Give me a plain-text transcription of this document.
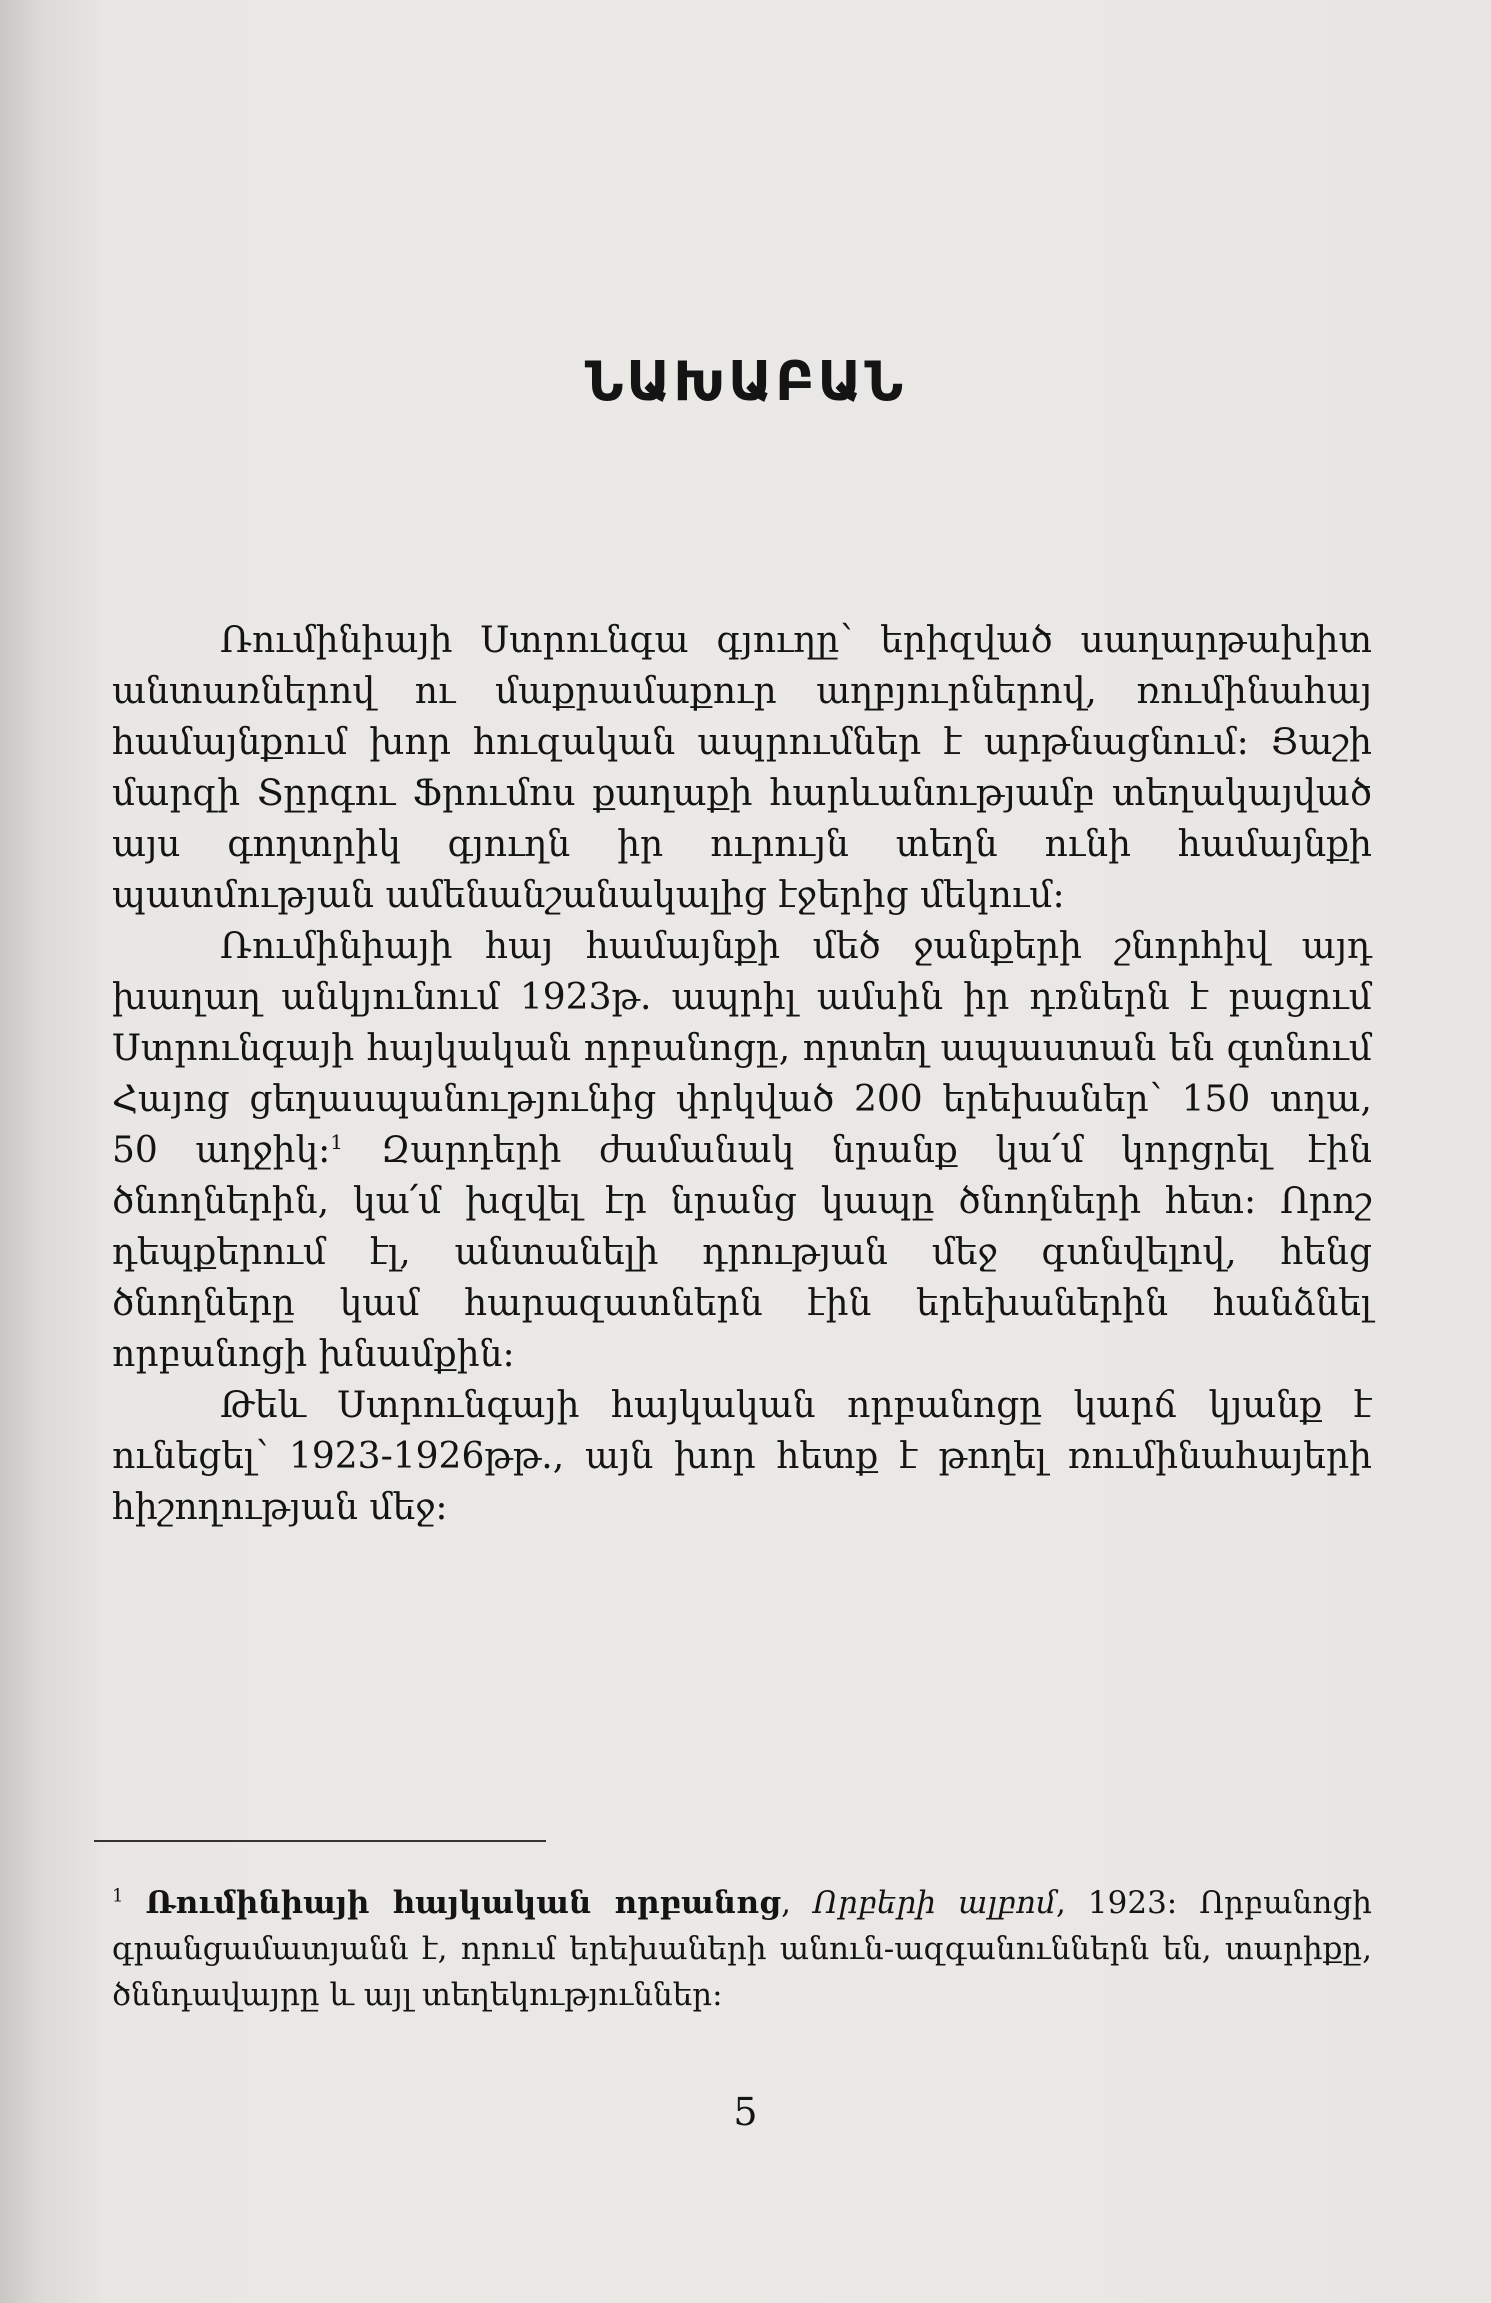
ՆԱԽԱԲԱՆ

Ռումինիայի Ստրունգա գյուղը՝ երիզված սաղարթախիտ անտառներով ու մաքրամաքուր աղբյուրներով, ռումինահայ համայնքում խոր հուզական ապրումներ է արթնացնում: Յաշի մարզի Տըրգու Ֆրումոս քաղաքի հարևանությամբ տեղակայված այս գողտրիկ գյուղն իր ուրույն տեղն ունի համայնքի պատմության ամենանշանակալից էջերից մեկում:

Ռումինիայի հայ համայնքի մեծ ջանքերի շնորհիվ այդ խաղաղ անկյունում 1923թ. ապրիլ ամսին իր դռներն է բացում Ստրունգայի հայկական որբանոցը, որտեղ ապաստան են գտնում Հայոց ցեղասպանությունից փրկված 200 երեխաներ՝ 150 տղա, 50 աղջիկ:$^1$ Զարդերի ժամանակ նրանք կա՛մ կորցրել էին ծնողներին, կա՛մ խզվել էր նրանց կապը ծնողների հետ: Որոշ դեպքերում էլ, անտանելի դրության մեջ գտնվելով, հենց ծնողները կամ հարազատներն էին երեխաներին հանձնել որբանոցի խնամքին:

Թեև Ստրունգայի հայկական որբանոցը կարճ կյանք է ունեցել՝ 1923-1926թթ., այն խոր հետք է թողել ռումինահայերի հիշողության մեջ:

$^1$ Ռումինիայի հայկական որբանոց, Որբերի ալբոմ, 1923: Որբանոցի գրանցամատյանն է, որում երեխաների անուն-ազգանուններն են, տարիքը, ծննդավայրը և այլ տեղեկություններ:
5
